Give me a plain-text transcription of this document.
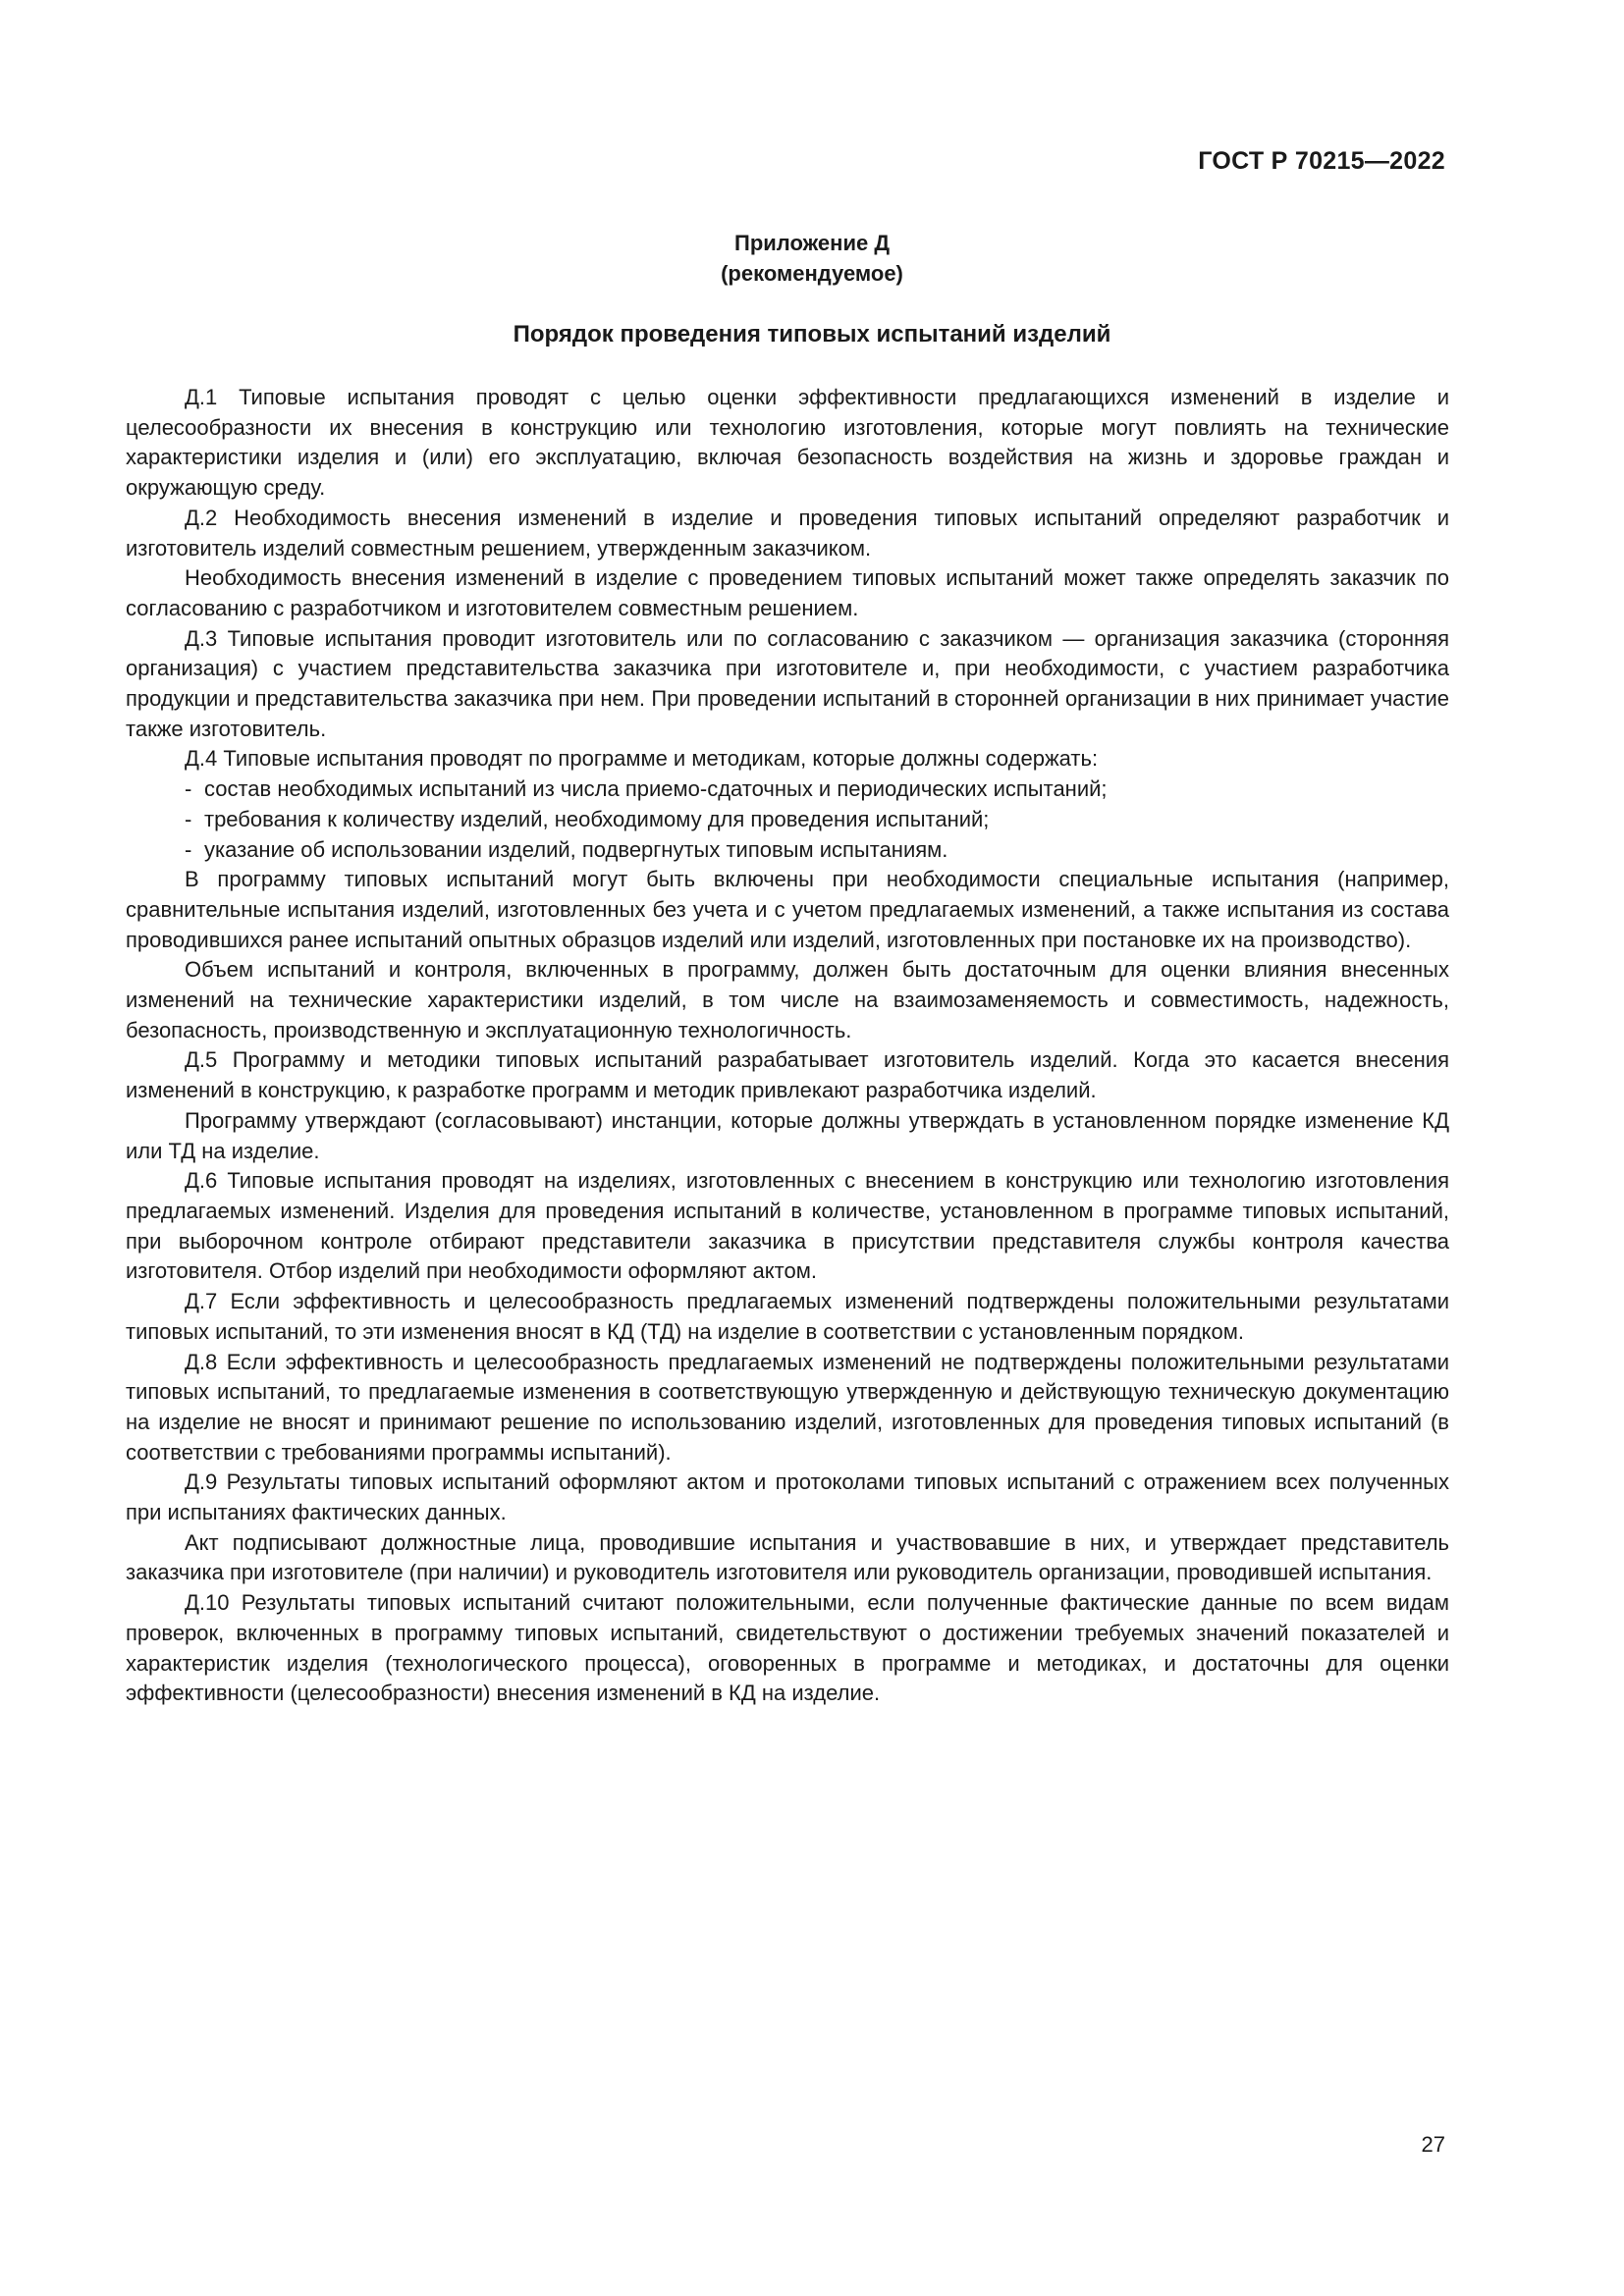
ГОСТ Р 70215—2022
Приложение Д
(рекомендуемое)
Порядок проведения типовых испытаний изделий

Д.1 Типовые испытания проводят с целью оценки эффективности предлагающихся изменений в изделие и целесообразности их внесения в конструкцию или технологию изготовления, которые могут повлиять на технические характеристики изделия и (или) его эксплуатацию, включая безопасность воздействия на жизнь и здоровье граждан и окружающую среду.

Д.2 Необходимость внесения изменений в изделие и проведения типовых испытаний определяют разработчик и изготовитель изделий совместным решением, утвержденным заказчиком.

Необходимость внесения изменений в изделие с проведением типовых испытаний может также определять заказчик по согласованию с разработчиком и изготовителем совместным решением.

Д.3 Типовые испытания проводит изготовитель или по согласованию с заказчиком — организация заказчика (сторонняя организация) с участием представительства заказчика при изготовителе и, при необходимости, с участием разработчика продукции и представительства заказчика при нем. При проведении испытаний в сторонней организации в них принимает участие также изготовитель.

Д.4 Типовые испытания проводят по программе и методикам, которые должны содержать:

- состав необходимых испытаний из числа приемо-сдаточных и периодических испытаний;
- требования к количеству изделий, необходимому для проведения испытаний;
- указание об использовании изделий, подвергнутых типовым испытаниям.

В программу типовых испытаний могут быть включены при необходимости специальные испытания (например, сравнительные испытания изделий, изготовленных без учета и с учетом предлагаемых изменений, а также испытания из состава проводившихся ранее испытаний опытных образцов изделий или изделий, изготовленных при постановке их на производство).

Объем испытаний и контроля, включенных в программу, должен быть достаточным для оценки влияния внесенных изменений на технические характеристики изделий, в том числе на взаимозаменяемость и совместимость, надежность, безопасность, производственную и эксплуатационную технологичность.

Д.5 Программу и методики типовых испытаний разрабатывает изготовитель изделий. Когда это касается внесения изменений в конструкцию, к разработке программ и методик привлекают разработчика изделий.

Программу утверждают (согласовывают) инстанции, которые должны утверждать в установленном порядке изменение КД или ТД на изделие.

Д.6 Типовые испытания проводят на изделиях, изготовленных с внесением в конструкцию или технологию изготовления предлагаемых изменений. Изделия для проведения испытаний в количестве, установленном в программе типовых испытаний, при выборочном контроле отбирают представители заказчика в присутствии представителя службы контроля качества изготовителя. Отбор изделий при необходимости оформляют актом.

Д.7 Если эффективность и целесообразность предлагаемых изменений подтверждены положительными результатами типовых испытаний, то эти изменения вносят в КД (ТД) на изделие в соответствии с установленным порядком.

Д.8 Если эффективность и целесообразность предлагаемых изменений не подтверждены положительными результатами типовых испытаний, то предлагаемые изменения в соответствующую утвержденную и действующую техническую документацию на изделие не вносят и принимают решение по использованию изделий, изготовленных для проведения типовых испытаний (в соответствии с требованиями программы испытаний).

Д.9 Результаты типовых испытаний оформляют актом и протоколами типовых испытаний с отражением всех полученных при испытаниях фактических данных.

Акт подписывают должностные лица, проводившие испытания и участвовавшие в них, и утверждает представитель заказчика при изготовителе (при наличии) и руководитель изготовителя или руководитель организации, проводившей испытания.

Д.10 Результаты типовых испытаний считают положительными, если полученные фактические данные по всем видам проверок, включенных в программу типовых испытаний, свидетельствуют о достижении требуемых значений показателей и характеристик изделия (технологического процесса), оговоренных в программе и методиках, и достаточны для оценки эффективности (целесообразности) внесения изменений в КД на изделие.

27
